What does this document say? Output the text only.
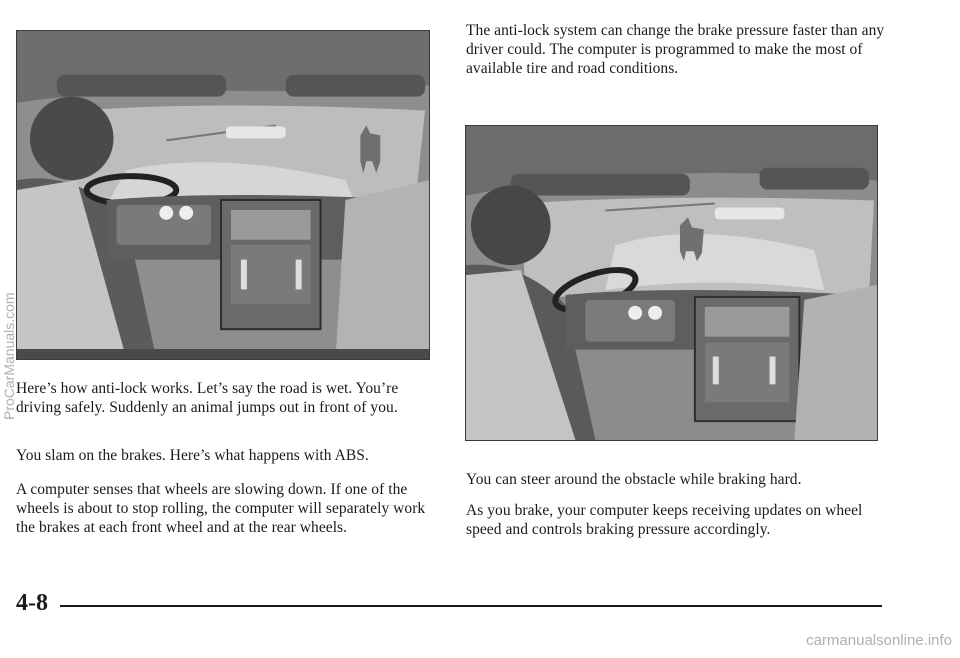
The anti-lock system can change the brake pressure faster than any driver could. The computer is programmed to make the most of available tire and road conditions.

Here’s how anti-lock works. Let’s say the road is wet. You’re driving safely. Suddenly an animal jumps out in front of you.

You slam on the brakes. Here’s what happens with ABS.

A computer senses that wheels are slowing down. If one of the wheels is about to stop rolling, the computer will separately work the brakes at each front wheel and at the rear wheels.

You can steer around the obstacle while braking hard.

As you brake, your computer keeps receiving updates on wheel speed and controls braking pressure accordingly.

4-8
ProCarManuals.com
carmanualsonline.info
